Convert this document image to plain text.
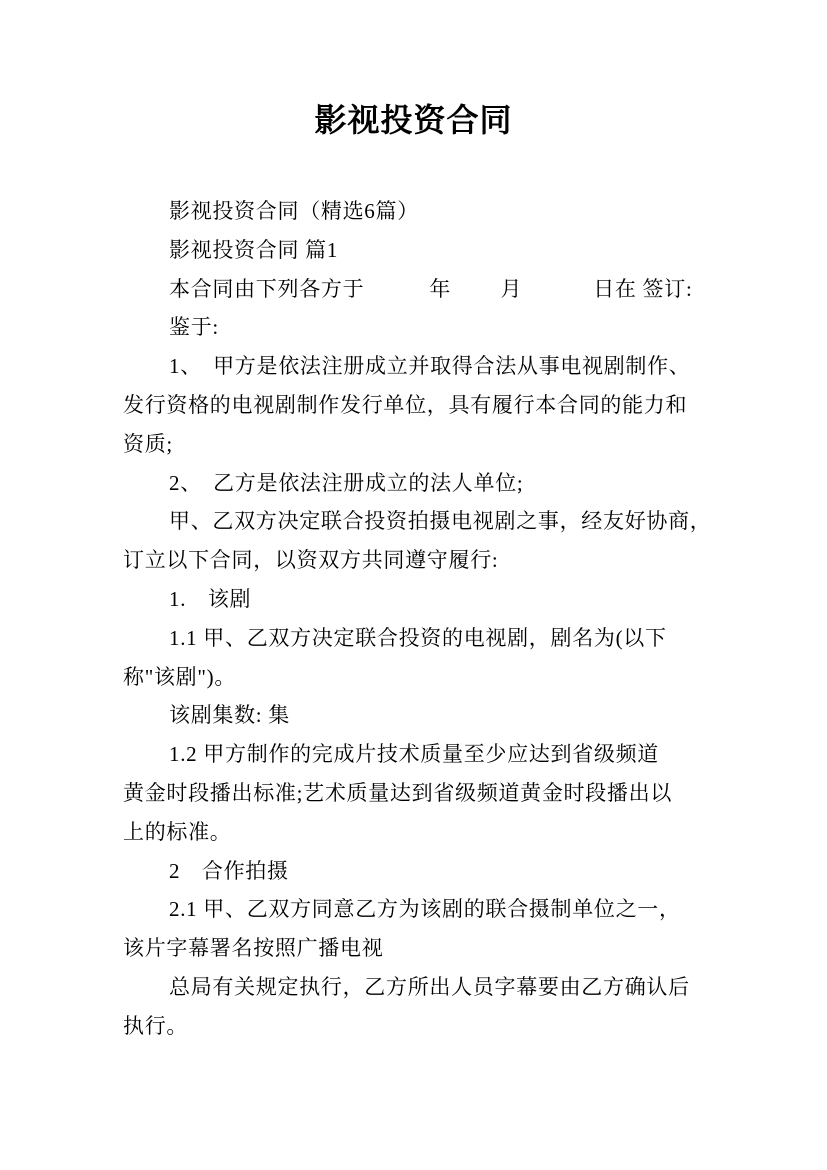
影视投资合同
影视投资合同（精选6篇）
影视投资合同 篇1
本合同由下列各方于　　　年　　 月　　　 日在 签订:
鉴于:
1、　甲方是依法注册成立并取得合法从事电视剧制作、
发行资格的电视剧制作发行单位，具有履行本合同的能力和
资质;
2、　乙方是依法注册成立的法人单位;
甲、乙双方决定联合投资拍摄电视剧之事，经友好协商，
订立以下合同，以资双方共同遵守履行:
1.　该剧
1.1 甲、乙双方决定联合投资的电视剧，剧名为(以下
称"该剧")。
该剧集数: 集
1.2 甲方制作的完成片技术质量至少应达到省级频道
黄金时段播出标准;艺术质量达到省级频道黄金时段播出以
上的标准。
2　合作拍摄
2.1 甲、乙双方同意乙方为该剧的联合摄制单位之一，
该片字幕署名按照广播电视
总局有关规定执行，乙方所出人员字幕要由乙方确认后
执行。
